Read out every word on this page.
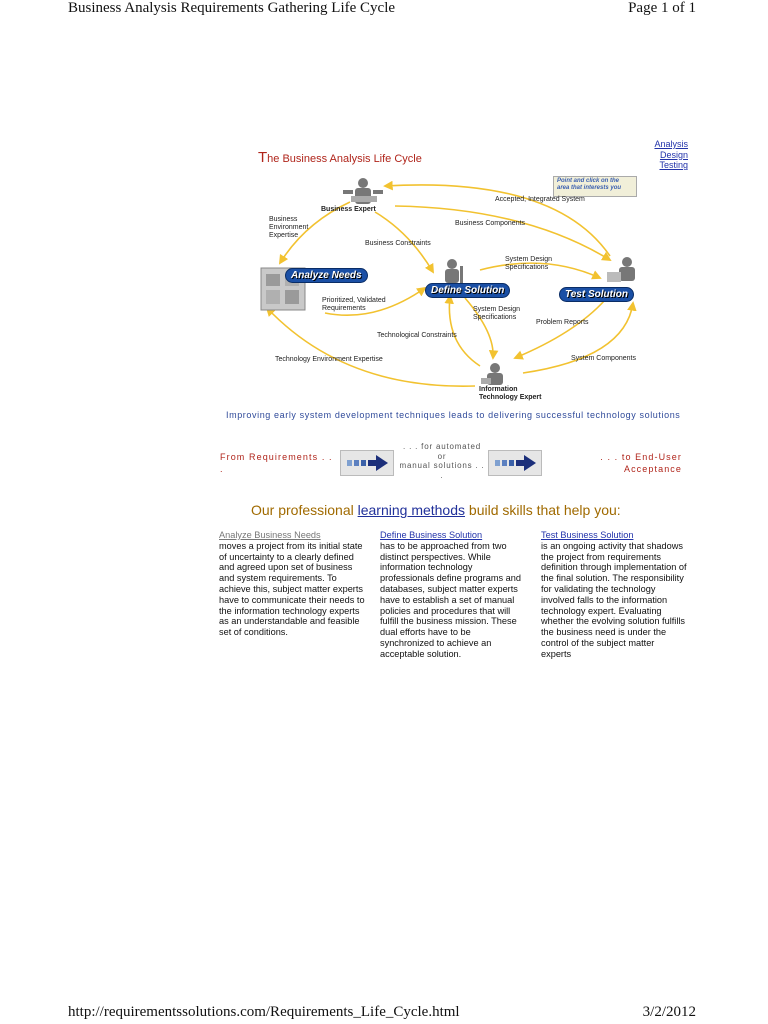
Business Analysis Requirements Gathering Life Cycle	Page 1 of 1
Analysis
Design
Testing
The Business Analysis Life Cycle
Point and click on the area that interests you
Business Expert
Business
Environment
Expertise
Accepted, Integrated System
Business Components
Business Constraints
System Design
Specifications
Prioritized, Validated
Requirements	System Design
Specifications
Problem Reports
Technological Constraints
Technology Environment Expertise	System Components
Information
Technology Expert
Analyze Needs
Define Solution	Test Solution
Improving early system development techniques leads to delivering successful technology solutions
From Requirements . .
.
. . . for automated
or
manual solutions . .
.
. . . to End-User
Acceptance
Our professional learning methods build skills that help you:
Analyze Business Needs
moves a project from its initial state of uncertainty to a clearly defined and agreed upon set of business and system requirements. To achieve this, subject matter experts have to communicate their needs to the information technology experts as an understandable and feasible set of conditions.
Define Business Solution
has to be approached from two distinct perspectives. While information technology professionals define programs and databases, subject matter experts have to establish a set of manual policies and procedures that will fulfill the business mission. These dual efforts have to be synchronized to achieve an acceptable solution.
Test Business Solution
is an ongoing activity that shadows the project from requirements definition through implementation of the final solution. The responsibility for validating the technology involved falls to the information technology expert. Evaluating whether the evolving solution fulfills the business need is under the control of the subject matter experts
http://requirementssolutions.com/Requirements_Life_Cycle.html	3/2/2012
